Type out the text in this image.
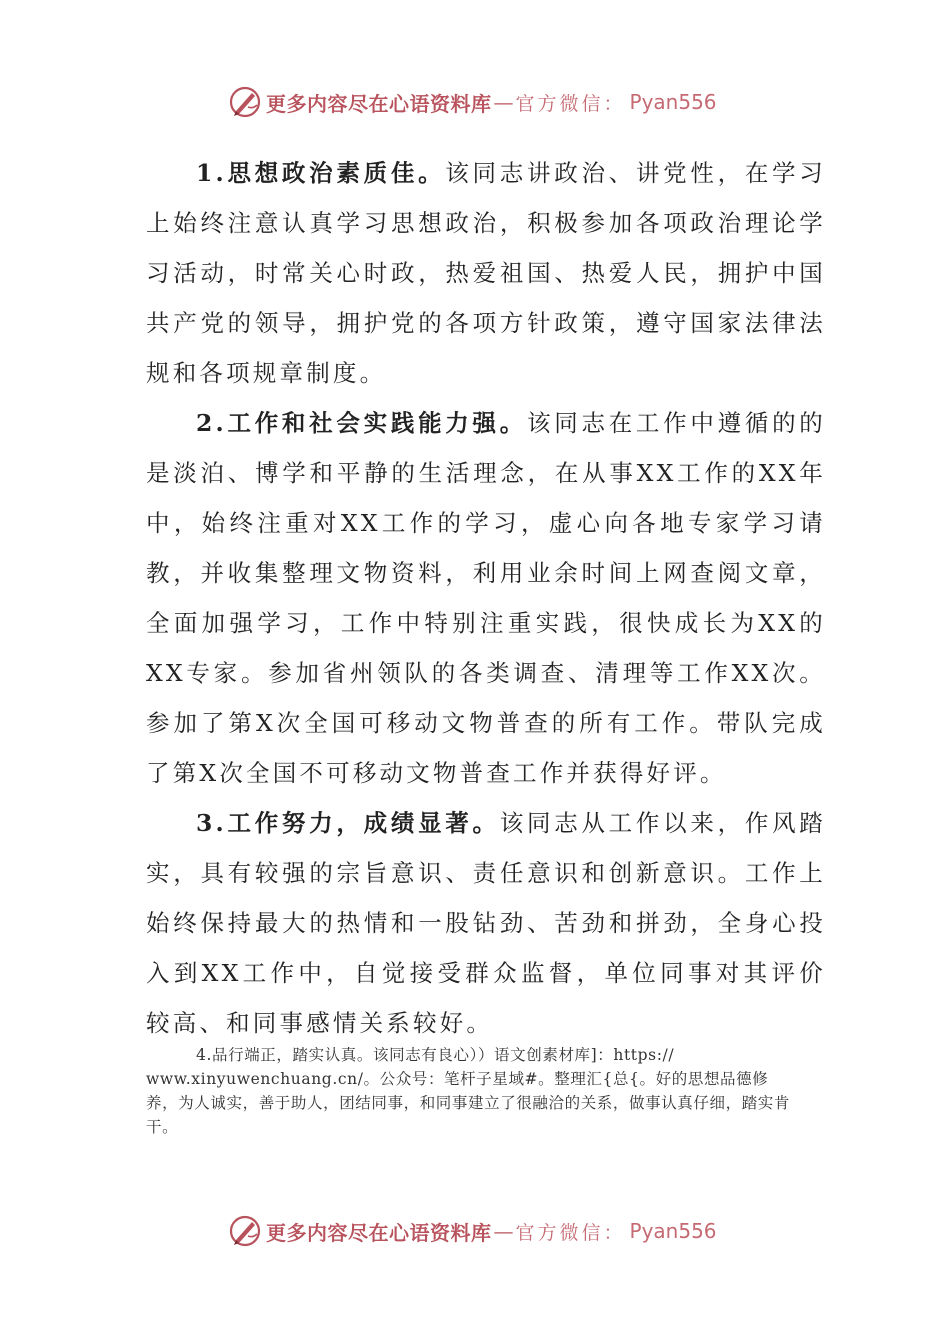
更多内容尽在心语资料库 — 官方微信： Pyan556

1.思想政治素质佳。该同志讲政治、讲党性，在学习上始终注意认真学习思想政治，积极参加各项政治理论学习活动，时常关心时政，热爱祖国、热爱人民，拥护中国共产党的领导，拥护党的各项方针政策，遵守国家法律法规和各项规章制度。

2.工作和社会实践能力强。该同志在工作中遵循的的是淡泊、博学和平静的生活理念，在从事XX工作的XX年中，始终注重对XX工作的学习，虚心向各地专家学习请教，并收集整理文物资料，利用业余时间上网查阅文章，全面加强学习，工作中特别注重实践，很快成长为XX的XX专家。参加省州领队的各类调查、清理等工作XX次。参加了第X次全国可移动文物普查的所有工作。带队完成了第X次全国不可移动文物普查工作并获得好评。

3.工作努力，成绩显著。该同志从工作以来，作风踏实，具有较强的宗旨意识、责任意识和创新意识。工作上始终保持最大的热情和一股钻劲、苦劲和拼劲，全身心投入到XX工作中，自觉接受群众监督，单位同事对其评价较高、和同事感情关系较好。

4.品行端正，踏实认真。该同志有良心））语文创素材库]：https://
www.xinyuwenchuang.cn/。公众号：笔杆子星域#。整理汇{总{。好的思想品德修养，为人诚实，善于助人，团结同事，和同事建立了很融洽的关系，做事认真仔细，踏实肯干。

更多内容尽在心语资料库 — 官方微信： Pyan556
